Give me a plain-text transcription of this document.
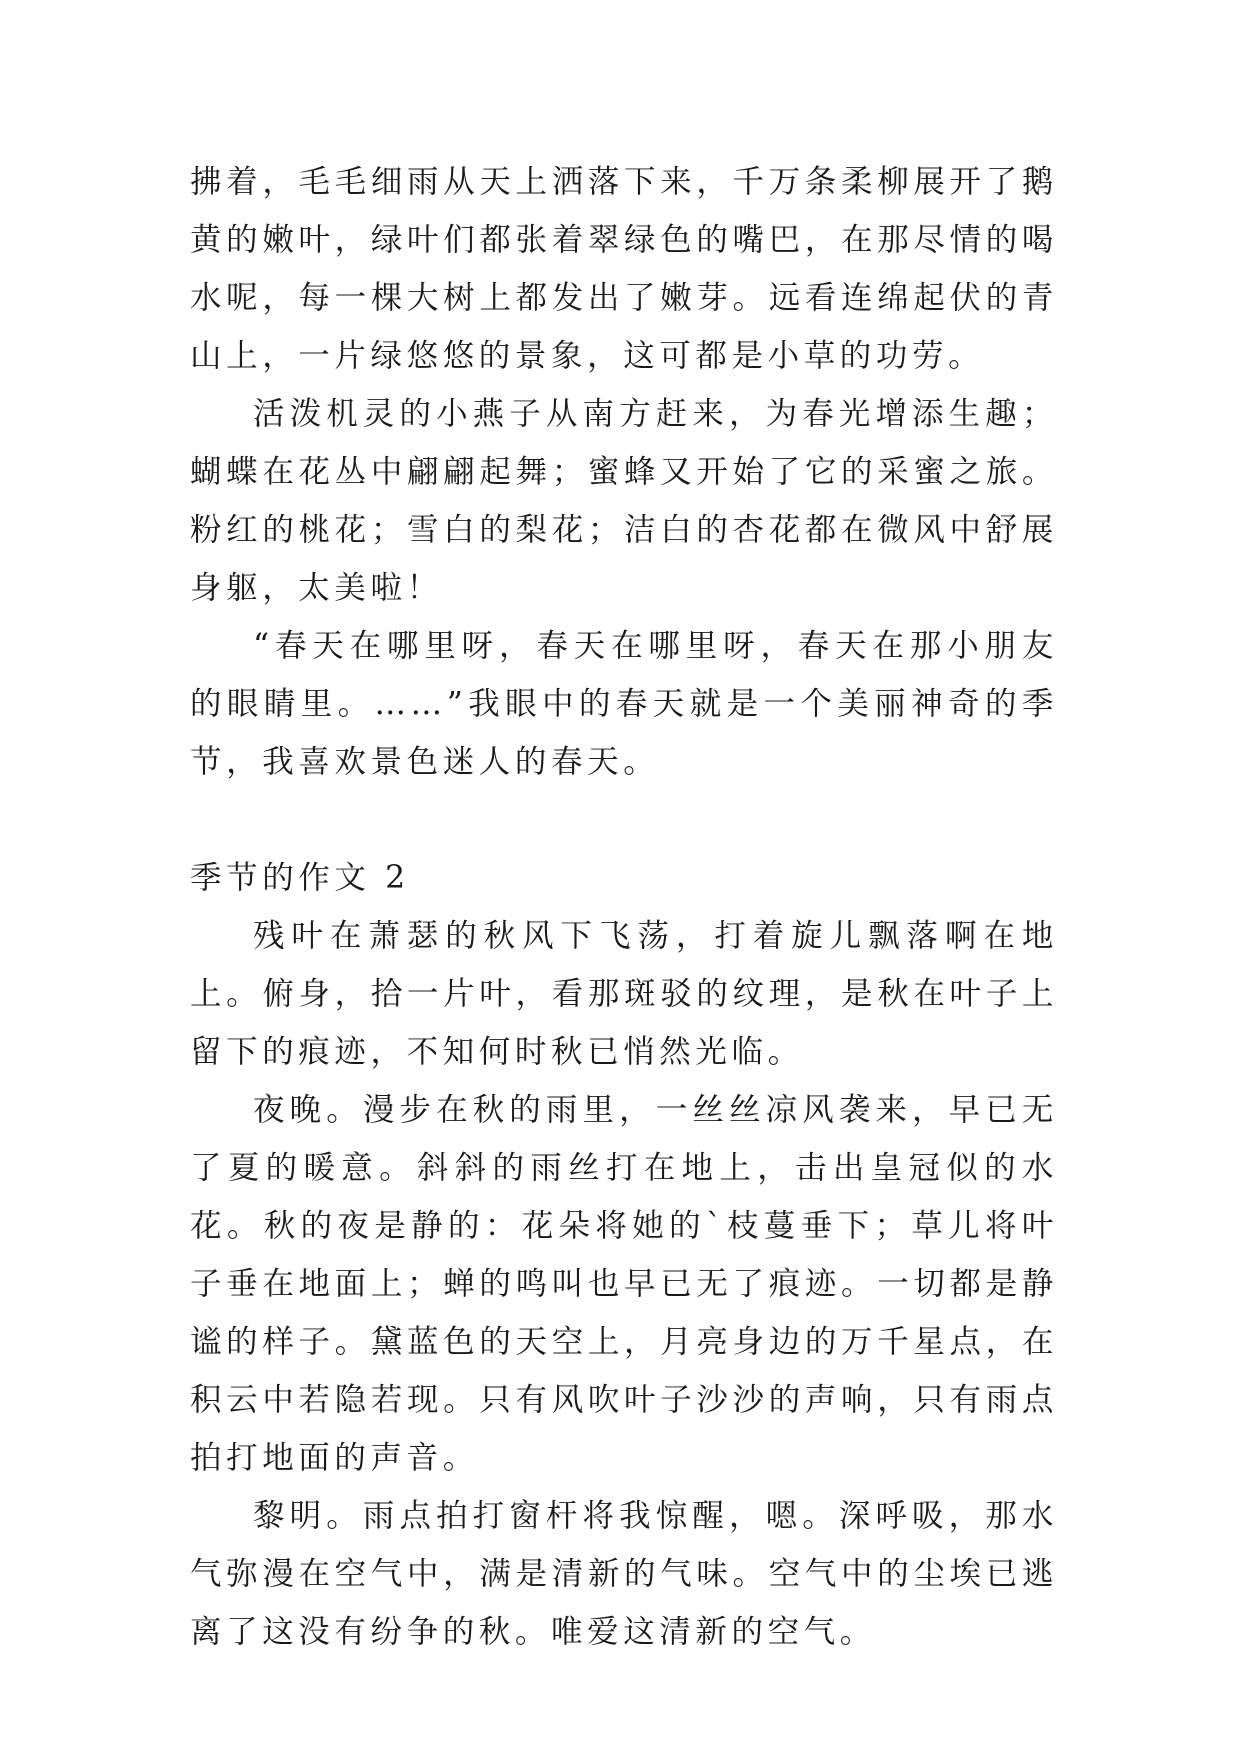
拂着，毛毛细雨从天上洒落下来，千万条柔柳展开了鹅黄的嫩叶，绿叶们都张着翠绿色的嘴巴，在那尽情的喝水呢，每一棵大树上都发出了嫩芽。远看连绵起伏的青山上，一片绿悠悠的景象，这可都是小草的功劳。

活泼机灵的小燕子从南方赶来，为春光增添生趣；蝴蝶在花丛中翩翩起舞；蜜蜂又开始了它的采蜜之旅。粉红的桃花；雪白的梨花；洁白的杏花都在微风中舒展身躯，太美啦！

“春天在哪里呀，春天在哪里呀，春天在那小朋友的眼睛里。……”我眼中的春天就是一个美丽神奇的季节，我喜欢景色迷人的春天。

季节的作文 2

残叶在萧瑟的秋风下飞荡，打着旋儿飘落啊在地上。俯身，拾一片叶，看那斑驳的纹理，是秋在叶子上留下的痕迹，不知何时秋已悄然光临。

夜晚。漫步在秋的雨里，一丝丝凉风袭来，早已无了夏的暖意。斜斜的雨丝打在地上，击出皇冠似的水花。秋的夜是静的：花朵将她的`枝蔓垂下；草儿将叶子垂在地面上；蝉的鸣叫也早已无了痕迹。一切都是静谧的样子。黛蓝色的天空上，月亮身边的万千星点，在积云中若隐若现。只有风吹叶子沙沙的声响，只有雨点拍打地面的声音。

黎明。雨点拍打窗杆将我惊醒，嗯。深呼吸，那水气弥漫在空气中，满是清新的气味。空气中的尘埃已逃离了这没有纷争的秋。唯爱这清新的空气。
